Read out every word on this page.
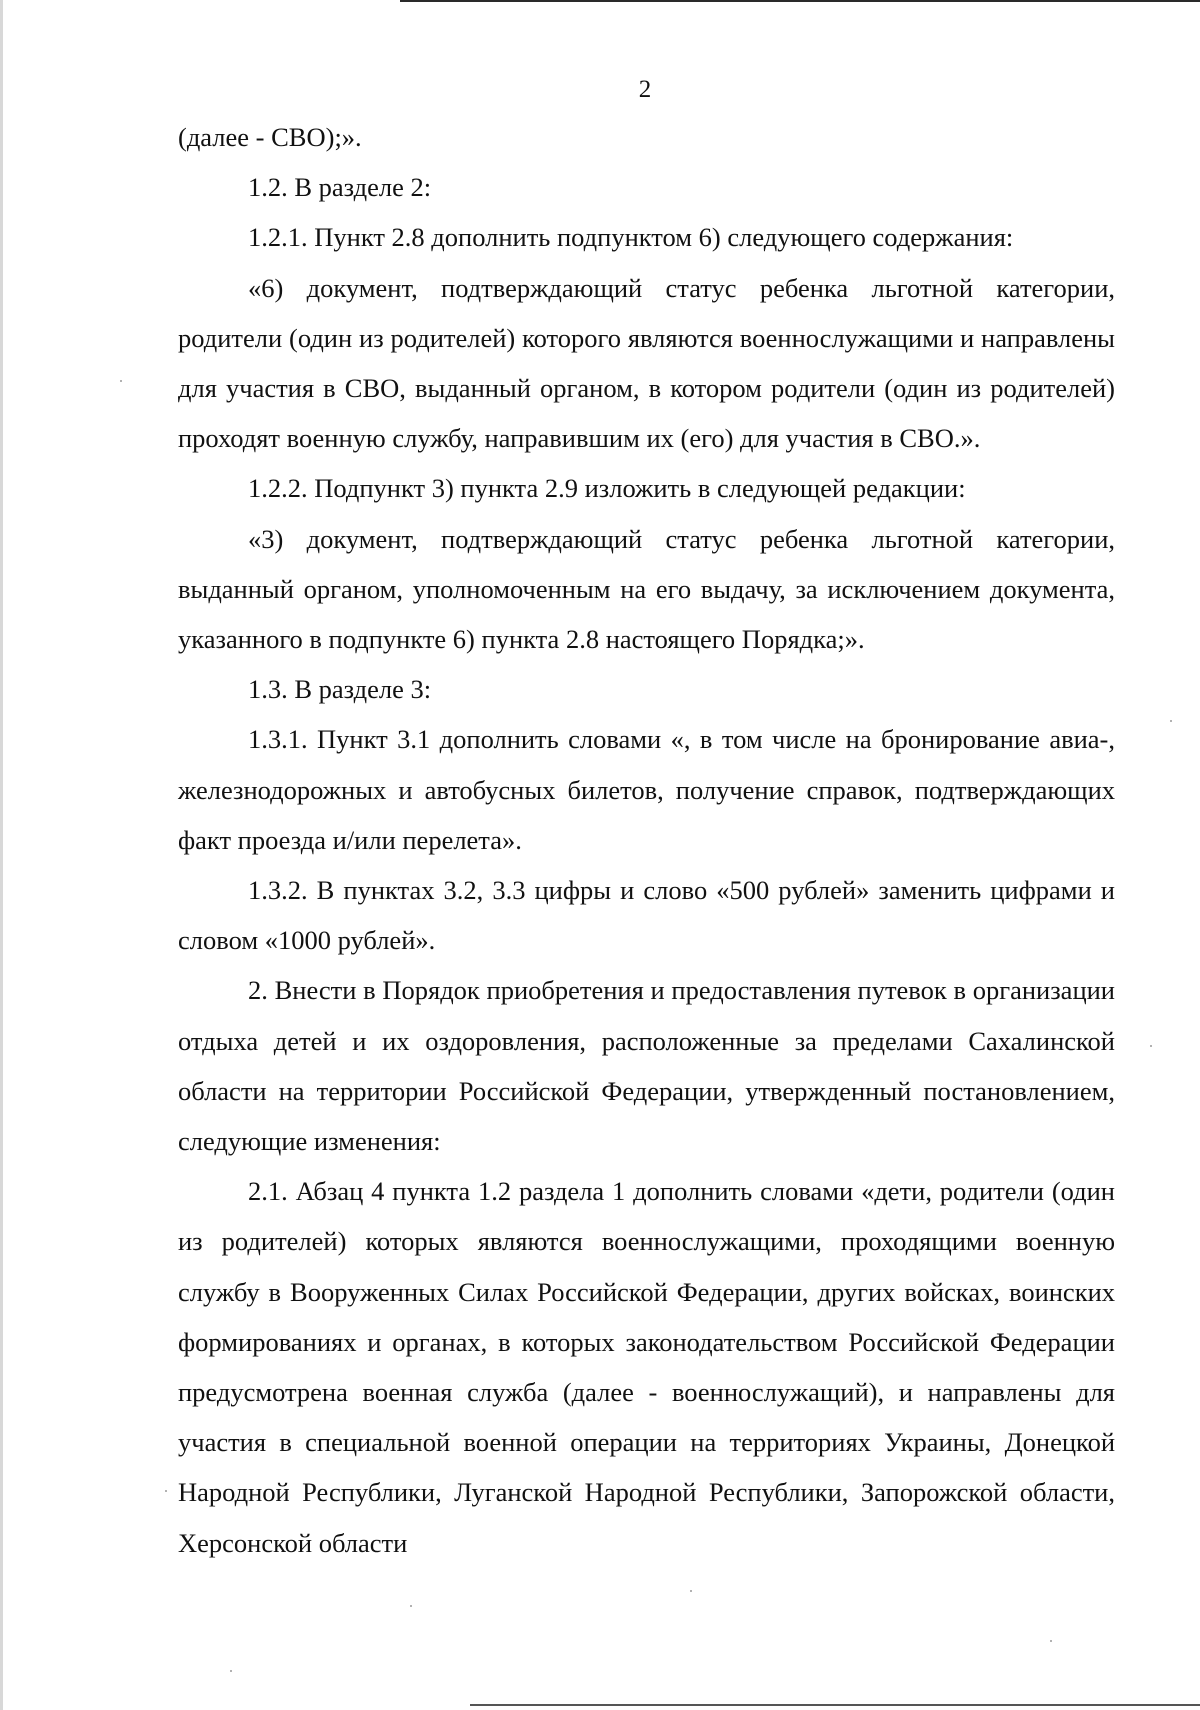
2

(далее - СВО);».

1.2. В разделе 2:

1.2.1. Пункт 2.8 дополнить подпунктом 6) следующего содержания:

«6) документ, подтверждающий статус ребенка льготной категории, родители (один из родителей) которого являются военнослужащими и направлены для участия в СВО, выданный органом, в котором родители (один из родителей) проходят военную службу, направившим их (его) для участия в СВО.».

1.2.2. Подпункт 3) пункта 2.9 изложить в следующей редакции:

«3) документ, подтверждающий статус ребенка льготной категории, выданный органом, уполномоченным на его выдачу, за исключением документа, указанного в подпункте 6) пункта 2.8 настоящего Порядка;».

1.3. В разделе 3:

1.3.1. Пункт 3.1 дополнить словами «, в том числе на бронирование авиа-, железнодорожных и автобусных билетов, получение справок, подтверждающих факт проезда и/или перелета».

1.3.2. В пунктах 3.2, 3.3 цифры и слово «500 рублей» заменить цифрами и словом «1000 рублей».

2. Внести в Порядок приобретения и предоставления путевок в организации отдыха детей и их оздоровления, расположенные за пределами Сахалинской области на территории Российской Федерации, утвержденный постановлением, следующие изменения:

2.1. Абзац 4 пункта 1.2 раздела 1 дополнить словами «дети, родители (один из родителей) которых являются военнослужащими, проходящими военную службу в Вооруженных Силах Российской Федерации, других войсках, воинских формированиях и органах, в которых законодательством Российской Федерации предусмотрена военная служба (далее - военнослужащий), и направлены для участия в специальной военной операции на территориях Украины, Донецкой Народной Республики, Луганской Народной Республики, Запорожской области, Херсонской области
